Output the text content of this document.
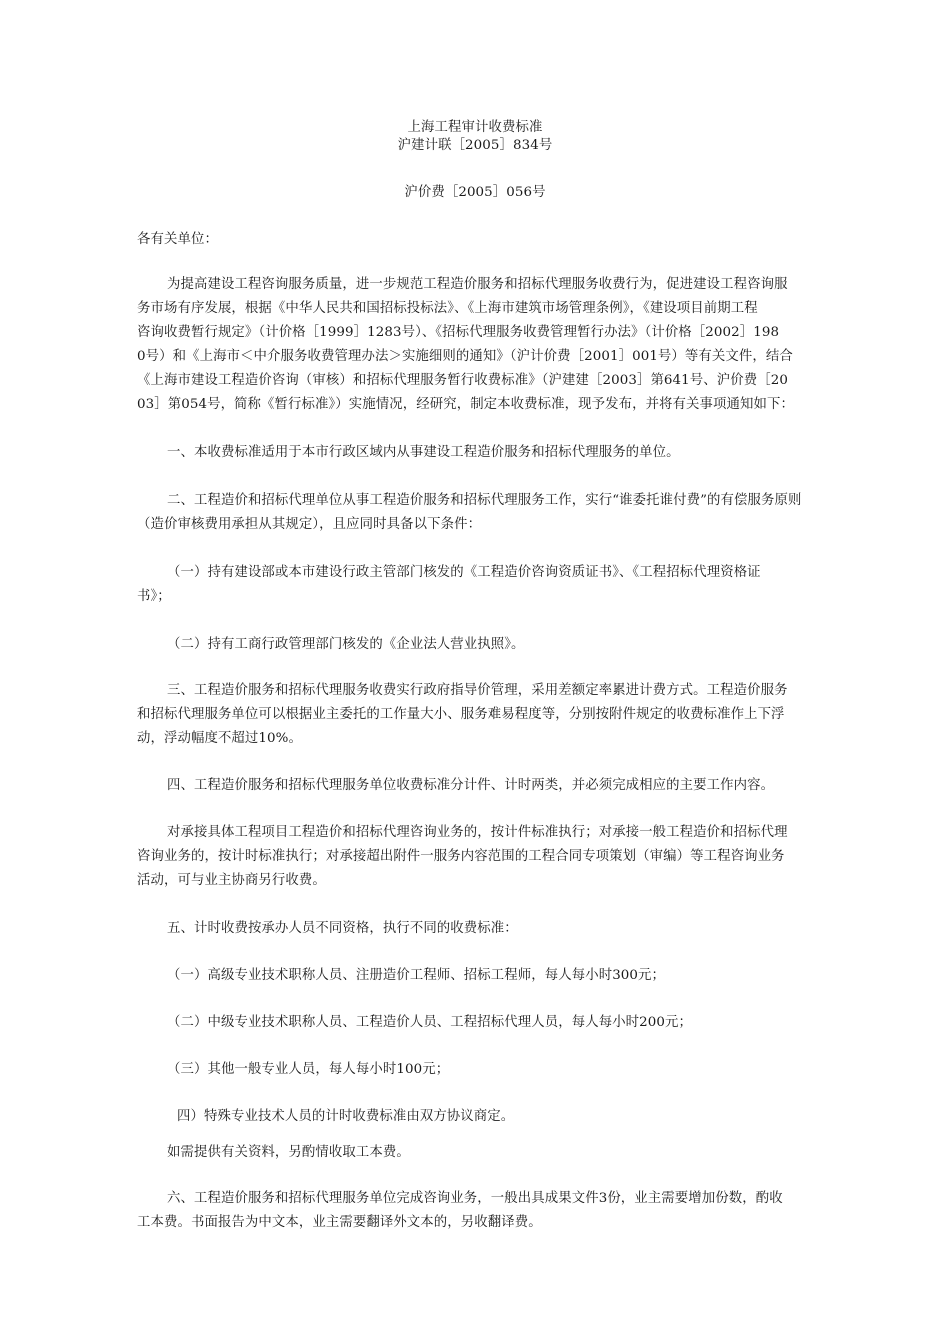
上海工程审计收费标准
沪建计联［2005］834号
沪价费［2005］056号
各有关单位：
为提高建设工程咨询服务质量，进一步规范工程造价服务和招标代理服务收费行为，促进建设工程咨询服
务市场有序发展，根据《中华人民共和国招标投标法》、《上海市建筑市场管理条例》，《建设项目前期工程
咨询收费暂行规定》（计价格［1999］1283号）、《招标代理服务收费管理暂行办法》（计价格［2002］198
0号）和《上海市＜中介服务收费管理办法＞实施细则的通知》（沪计价费［2001］001号）等有关文件，结合
《上海市建设工程造价咨询（审核）和招标代理服务暂行收费标准》（沪建建［2003］第641号、沪价费［20
03］第054号，简称《暂行标准》）实施情况，经研究，制定本收费标准，现予发布，并将有关事项通知如下：
一、本收费标准适用于本市行政区域内从事建设工程造价服务和招标代理服务的单位。
二、工程造价和招标代理单位从事工程造价服务和招标代理服务工作，实行“谁委托谁付费”的有偿服务原则
（造价审核费用承担从其规定），且应同时具备以下条件：
（一）持有建设部或本市建设行政主管部门核发的《工程造价咨询资质证书》、《工程招标代理资格证
书》；
（二）持有工商行政管理部门核发的《企业法人营业执照》。
三、工程造价服务和招标代理服务收费实行政府指导价管理，采用差额定率累进计费方式。工程造价服务
和招标代理服务单位可以根据业主委托的工作量大小、服务难易程度等，分别按附件规定的收费标准作上下浮
动，浮动幅度不超过10%。
四、工程造价服务和招标代理服务单位收费标准分计件、计时两类，并必须完成相应的主要工作内容。
对承接具体工程项目工程造价和招标代理咨询业务的，按计件标准执行；对承接一般工程造价和招标代理
咨询业务的，按计时标准执行；对承接超出附件一服务内容范围的工程合同专项策划（审编）等工程咨询业务
活动，可与业主协商另行收费。
五、计时收费按承办人员不同资格，执行不同的收费标准：
（一）高级专业技术职称人员、注册造价工程师、招标工程师，每人每小时300元；
（二）中级专业技术职称人员、工程造价人员、工程招标代理人员，每人每小时200元；
（三）其他一般专业人员，每人每小时100元；
四）特殊专业技术人员的计时收费标准由双方协议商定。
如需提供有关资料，另酌情收取工本费。
六、工程造价服务和招标代理服务单位完成咨询业务，一般出具成果文件3份，业主需要增加份数，酌收
工本费。书面报告为中文本，业主需要翻译外文本的，另收翻译费。
